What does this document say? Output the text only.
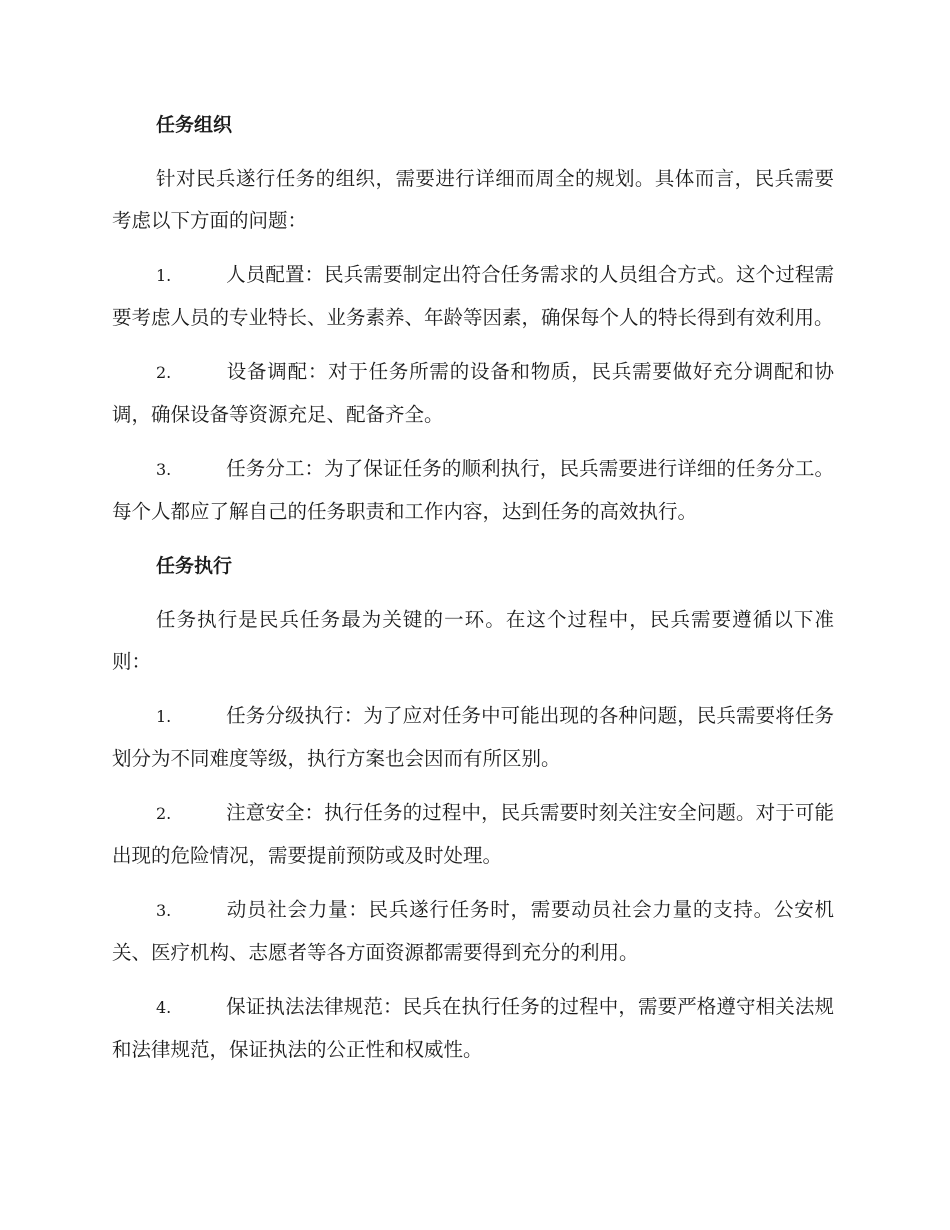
任务组织

针对民兵遂行任务的组织，需要进行详细而周全的规划。具体而言，民兵需要考虑以下方面的问题：

1.	人员配置：民兵需要制定出符合任务需求的人员组合方式。这个过程需要考虑人员的专业特长、业务素养、年龄等因素，确保每个人的特长得到有效利用。

2.	设备调配：对于任务所需的设备和物质，民兵需要做好充分调配和协调，确保设备等资源充足、配备齐全。

3.	任务分工：为了保证任务的顺利执行，民兵需要进行详细的任务分工。每个人都应了解自己的任务职责和工作内容，达到任务的高效执行。

任务执行

任务执行是民兵任务最为关键的一环。在这个过程中，民兵需要遵循以下准则：

1.	任务分级执行：为了应对任务中可能出现的各种问题，民兵需要将任务划分为不同难度等级，执行方案也会因而有所区别。

2.	注意安全：执行任务的过程中，民兵需要时刻关注安全问题。对于可能出现的危险情况，需要提前预防或及时处理。

3.	动员社会力量：民兵遂行任务时，需要动员社会力量的支持。公安机关、医疗机构、志愿者等各方面资源都需要得到充分的利用。

4.	保证执法法律规范：民兵在执行任务的过程中，需要严格遵守相关法规和法律规范，保证执法的公正性和权威性。
